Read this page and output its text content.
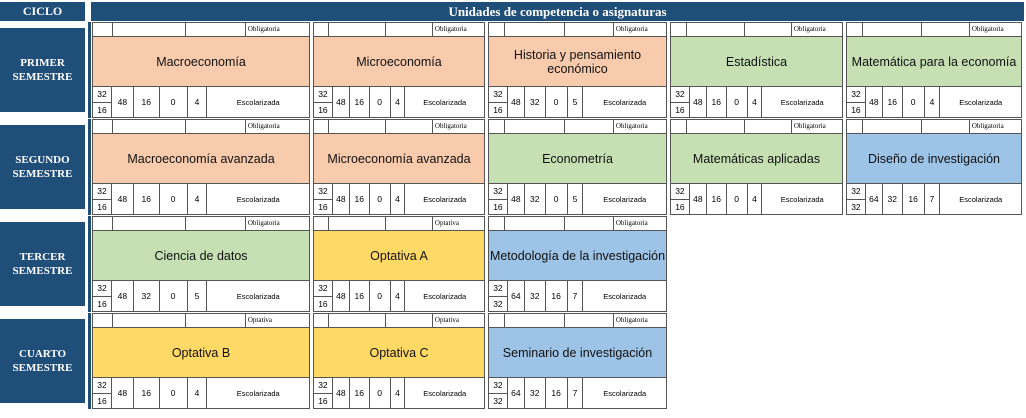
CICLO	Unidades de competencia o asignaturas
PRIMER
SEMESTRE
Obligatoria
Macroeconomía
$\frac{32}{16} 48$	16	0	4	Escolarizada
Obligatoria
Microeconomía
$\frac{32}{16} 48$	16	0	4	Escolarizada
Obligatoria
Historia y pensamiento económico
$\frac{32}{16} 48$	32	0	5	Escolarizada
Obligatoria
Estadística
$\frac{32}{16} 48$	16	0	4	Escolarizada
Obligatoria
Matemática para la economía
$\frac{32}{16} 48$	16	0	4	Escolarizada
SEGUNDO
SEMESTRE
Obligatoria
Macroeconomía avanzada
$\frac{32}{16} 48$	16	0	4	Escolarizada
Obligatoria
Microeconomía avanzada
$\frac{32}{16} 48$	16	0	4	Escolarizada
Obligatoria
Econometría
$\frac{32}{16} 48$	32	0	5	Escolarizada
Obligatoria
Matemáticas aplicadas
$\frac{32}{16} 48$	16	0	4	Escolarizada
Obligatoria
Diseño de investigación
$\frac{32}{32} 64$	32	16	7	Escolarizada
TERCER
SEMESTRE
Obligatoria
Ciencia de datos
$\frac{32}{16} 48$	32	0	5	Escolarizada
Optativa
Optativa A
$\frac{32}{16} 48$	16	0	4	Escolarizada
Obligatoria
Metodología de la investigación
$\frac{32}{32} 64$	32	16	7	Escolarizada
CUARTO
SEMESTRE
Optativa
Optativa B
$\frac{32}{16} 48$	16	0	4	Escolarizada
Optativa
Optativa C
$\frac{32}{16} 48$	16	0	4	Escolarizada
Obligatoria
Seminario de investigación
$\frac{32}{32} 64$	32	16	7	Escolarizada
